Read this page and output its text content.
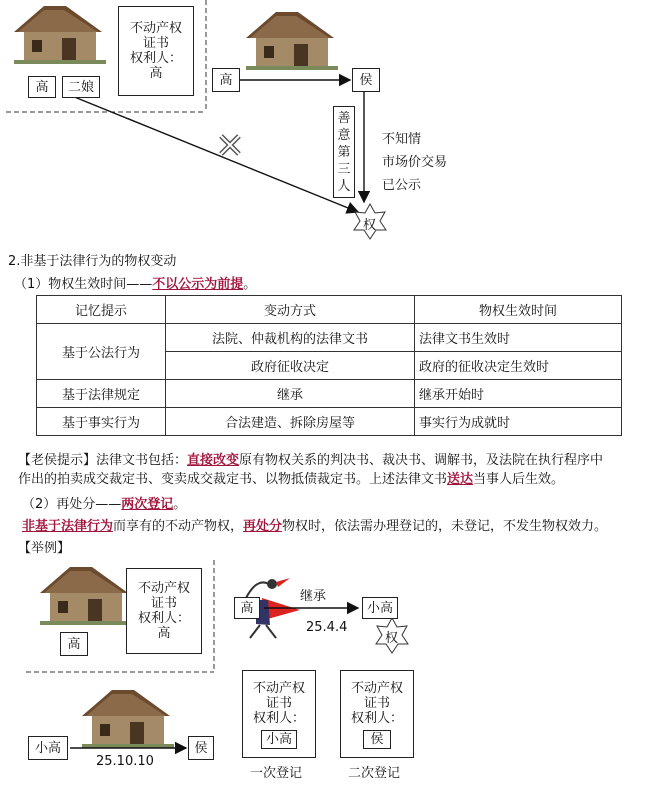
高 二娘
不动产权
证书
权利人：
高	高	侯
善
意
第
三
人
不知情
市场价交易
已公示
权
2.非基于法律行为的物权变动
（1）物权生效时间——不以公示为前提。
记忆提示	变动方式	物权生效时间
基于公法行为	法院、仲裁机构的法律文书	法律文书生效时
	政府征收决定	政府的征收决定生效时
基于法律规定	继承	继承开始时
基于事实行为	合法建造、拆除房屋等	事实行为成就时
【老侯提示】法律文书包括：直接改变原有物权关系的判决书、裁决书、调解书，及法院在执行程序中
作出的拍卖成交裁定书、变卖成交裁定书、以物抵债裁定书。上述法律文书送达当事人后生效。
（2）再处分——两次登记。
非基于法律行为而享有的不动产物权，再处分物权时，依法需办理登记的，未登记，不发生物权效力。
【举例】
高
不动产权
证书
权利人：
高
高
继承
小高
权
25.4.4
小高	侯
25.10.10
不动产权
证书
权利人：
小高
一次登记
不动产权
证书
权利人：
侯
二次登记
